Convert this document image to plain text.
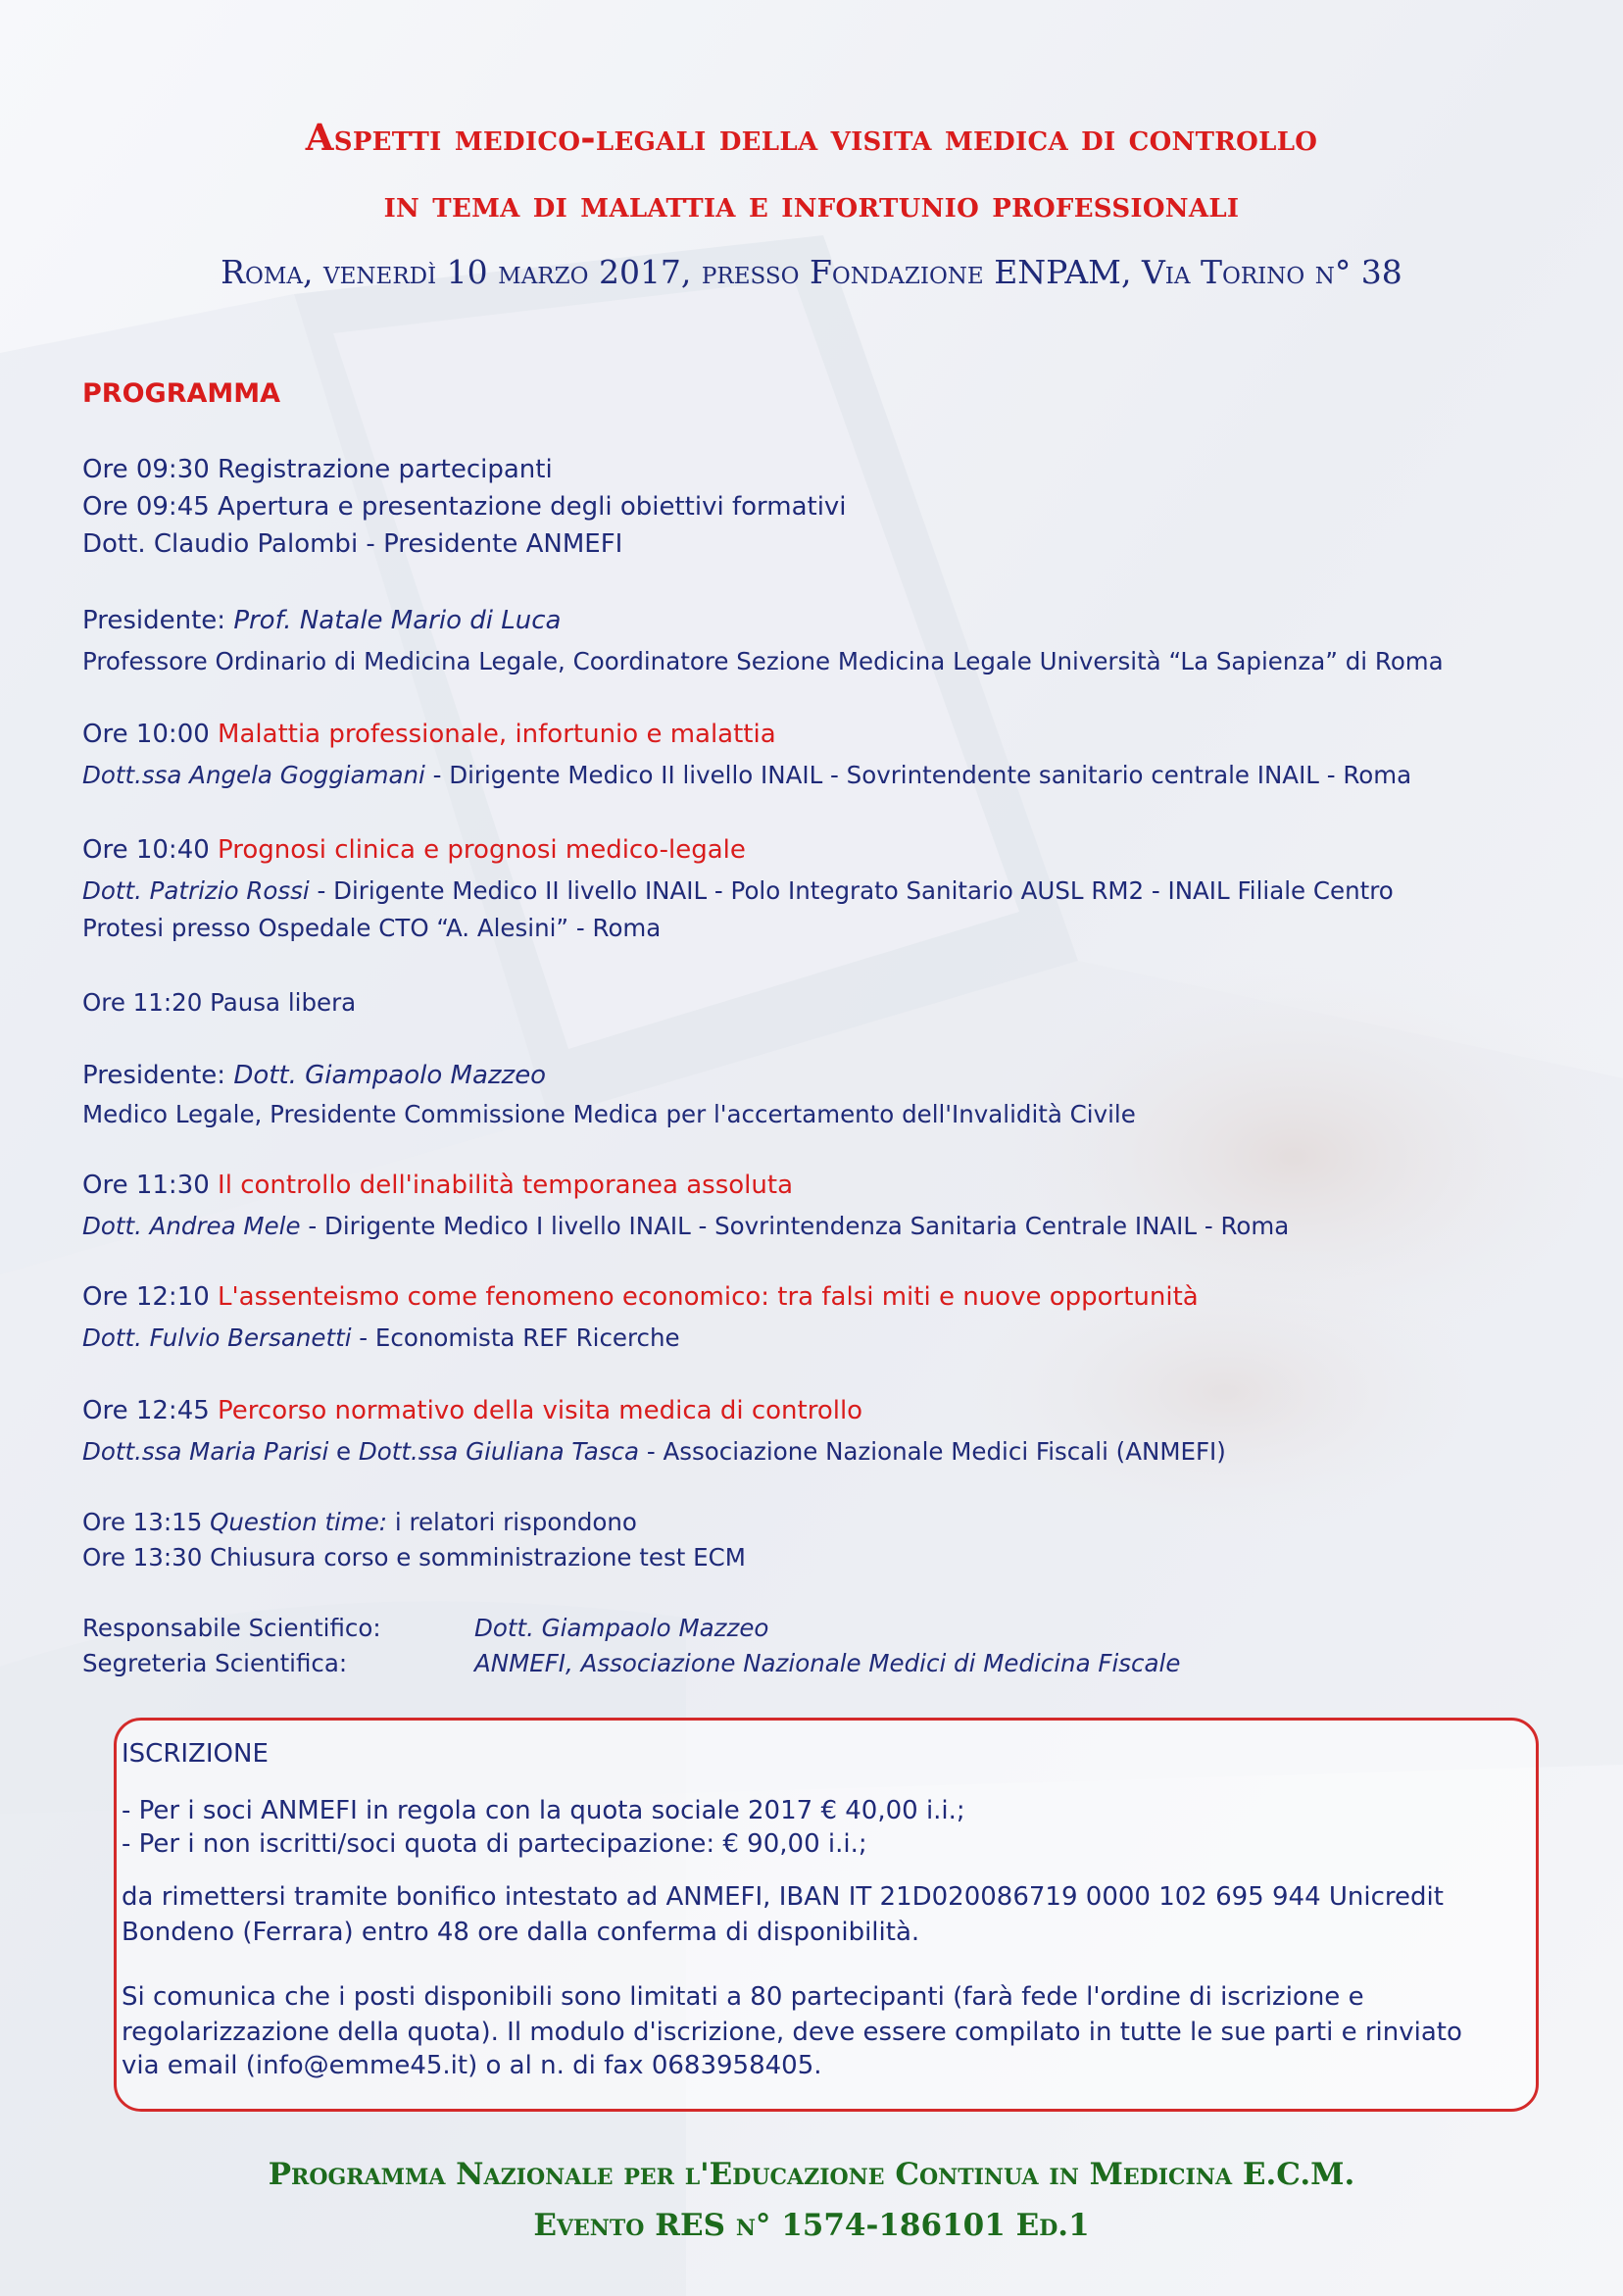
Aspetti medico-legali della visita medica di controllo
in tema di malattia e infortunio professionali
Roma, venerdì 10 marzo 2017, presso Fondazione ENPAM, Via Torino n° 38
PROGRAMMA
Ore 09:30 Registrazione partecipanti
Ore 09:45 Apertura e presentazione degli obiettivi formativi
Dott. Claudio Palombi - Presidente ANMEFI
Presidente: Prof. Natale Mario di Luca
Professore Ordinario di Medicina Legale, Coordinatore Sezione Medicina Legale Università “La Sapienza” di Roma
Ore 10:00 Malattia professionale, infortunio e malattia
Dott.ssa Angela Goggiamani - Dirigente Medico II livello INAIL - Sovrintendente sanitario centrale INAIL - Roma
Ore 10:40 Prognosi clinica e prognosi medico-legale
Dott. Patrizio Rossi - Dirigente Medico II livello INAIL - Polo Integrato Sanitario AUSL RM2 - INAIL Filiale Centro
Protesi presso Ospedale CTO “A. Alesini” - Roma
Ore 11:20 Pausa libera
Presidente: Dott. Giampaolo Mazzeo
Medico Legale, Presidente Commissione Medica per l'accertamento dell'Invalidità Civile
Ore 11:30 Il controllo dell'inabilità temporanea assoluta
Dott. Andrea Mele - Dirigente Medico I livello INAIL - Sovrintendenza Sanitaria Centrale INAIL - Roma
Ore 12:10 L'assenteismo come fenomeno economico: tra falsi miti e nuove opportunità
Dott. Fulvio Bersanetti - Economista REF Ricerche
Ore 12:45 Percorso normativo della visita medica di controllo
Dott.ssa Maria Parisi e Dott.ssa Giuliana Tasca - Associazione Nazionale Medici Fiscali (ANMEFI)
Ore 13:15 Question time: i relatori rispondono
Ore 13:30 Chiusura corso e somministrazione test ECM
Responsabile Scientifico:	Dott. Giampaolo Mazzeo
Segreteria Scientifica:	ANMEFI, Associazione Nazionale Medici di Medicina Fiscale
ISCRIZIONE
- Per i soci ANMEFI in regola con la quota sociale 2017 € 40,00 i.i.;
- Per i non iscritti/soci quota di partecipazione: € 90,00 i.i.;
da rimettersi tramite bonifico intestato ad ANMEFI, IBAN IT 21D020086719 0000 102 695 944 Unicredit
Bondeno (Ferrara) entro 48 ore dalla conferma di disponibilità.
Si comunica che i posti disponibili sono limitati a 80 partecipanti (farà fede l'ordine di iscrizione e
regolarizzazione della quota). Il modulo d'iscrizione, deve essere compilato in tutte le sue parti e rinviato
via email (info@emme45.it) o al n. di fax 0683958405.
Programma Nazionale per l'Educazione Continua in Medicina E.C.M.
Evento RES n° 1574-186101 Ed.1
